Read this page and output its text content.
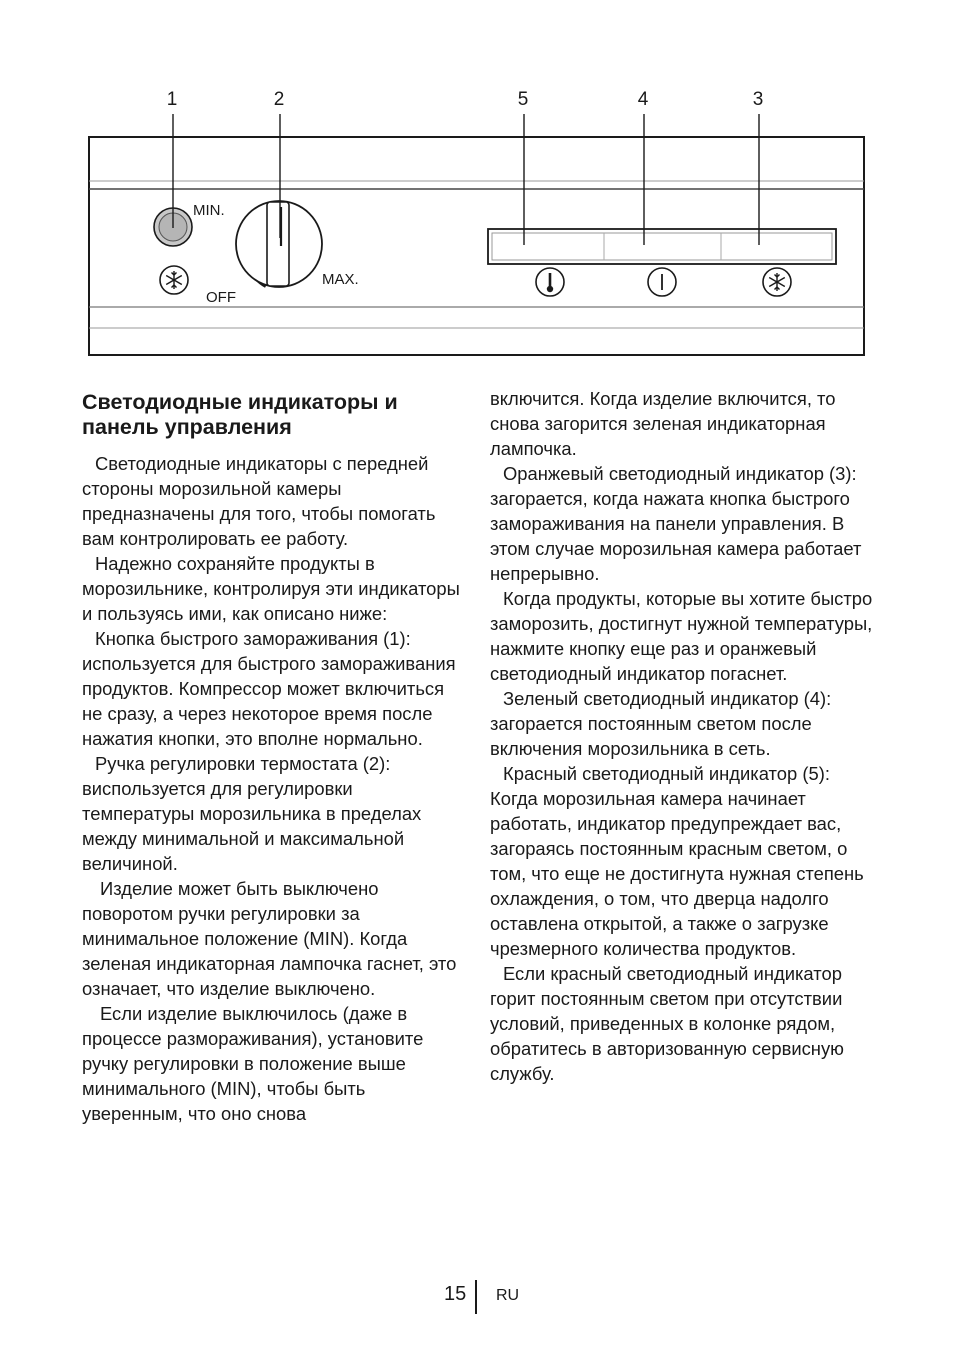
1	2	5	4	3
MIN.
MAX.
OFF
Светодиодные индикаторы и панель управления

Светодиодные индикаторы с передней стороны морозильной камеры предназначены для того, чтобы помогать вам контролировать ее работу.

Надежно сохраняйте продукты в морозильнике, контролируя эти индикаторы и пользуясь ими, как описано ниже:

Кнопка быстрого замораживания (1): используется для быстрого замораживания продуктов. Компрессор может включиться не сразу, а через некоторое время после нажатия кнопки, это вполне нормально.

Ручка регулировки термостата (2): виспользуется для регулировки температуры морозильника в пределах между минимальной и максимальной величиной.

Изделие может быть выключено поворотом ручки регулировки за минимальное положение (MIN). Когда зеленая индикаторная лампочка гаснет, это означает, что изделие выключено.

Если изделие выключилось (даже в процессе размораживания), установите ручку регулировки в положение выше минимального (MIN), чтобы быть уверенным, что оно снова

включится. Когда изделие включится, то снова загорится зеленая индикаторная лампочка.

Оранжевый светодиодный индикатор (3): загорается, когда нажата кнопка быстрого замораживания на панели управления. В этом случае морозильная камера работает непрерывно.

Когда продукты, которые вы хотите быстро заморозить, достигнут нужной температуры, нажмите кнопку еще раз и оранжевый светодиодный индикатор погаснет.

Зеленый светодиодный индикатор (4): загорается постоянным светом после включения морозильника в сеть.

Красный светодиодный индикатор (5): Когда морозильная камера начинает работать, индикатор предупреждает вас, загораясь постоянным красным светом, о том, что еще не достигнута нужная степень охлаждения, о том, что дверца надолго оставлена открытой, а также о загрузке чрезмерного количества продуктов.

Если красный светодиодный индикатор горит постоянным светом при отсутствии условий, приведенных в колонке рядом, обратитесь в авторизованную сервисную службу.

15 RU
